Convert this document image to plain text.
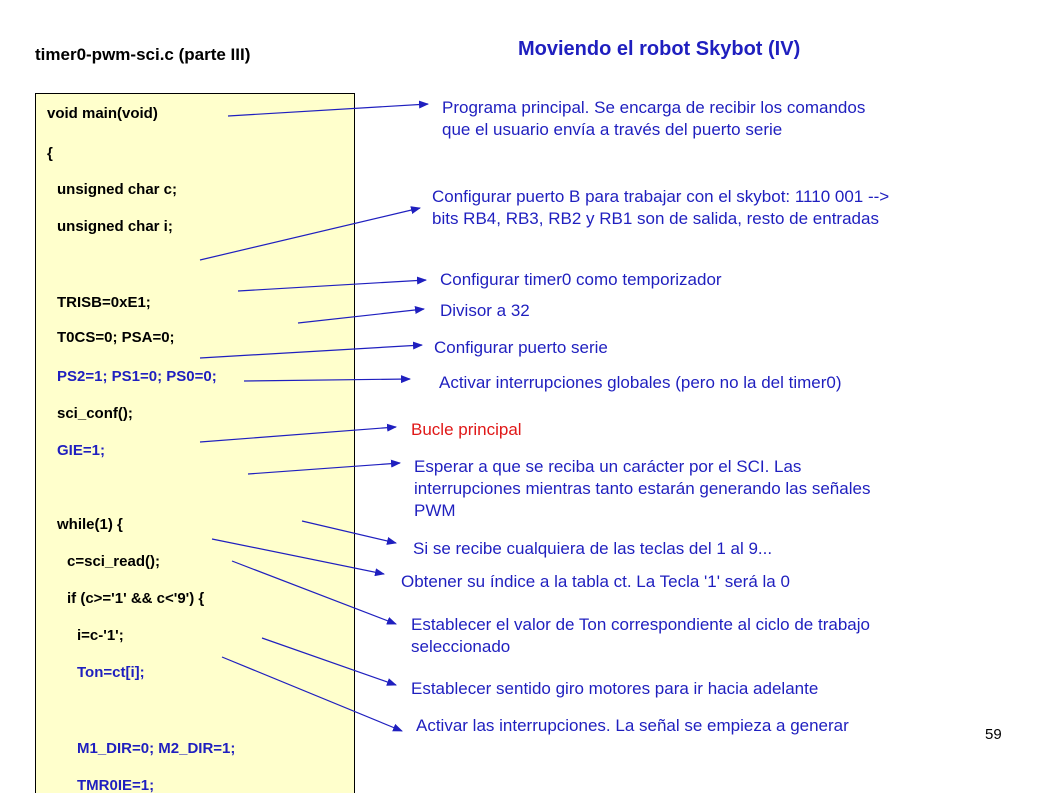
timer0-pwm-sci.c (parte III)	Moviendo el robot Skybot (IV)
void main(void)
{
unsigned char c;
unsigned char i;
TRISB=0xE1;
T0CS=0; PSA=0;
PS2=1; PS1=0; PS0=0;
sci_conf();
GIE=1;
while(1) {
c=sci_read();
if (c>='1' && c<'9') {
i=c-'1';
Ton=ct[i];
M1_DIR=0; M2_DIR=1;
TMR0IE=1;
Programa principal. Se encarga de recibir los comandos
que el usuario envía a través del puerto serie
Configurar puerto B para trabajar con el skybot: 1110 001 -->
bits RB4, RB3, RB2 y RB1 son de salida, resto de entradas
Configurar timer0 como temporizador
Divisor a 32
Configurar puerto serie
Activar interrupciones globales (pero no la del timer0)
Bucle principal
Esperar a que se reciba un carácter por el SCI. Las
interrupciones mientras tanto estarán generando las señales
PWM
Si se recibe cualquiera de las teclas del 1 al 9...
Obtener su índice a la tabla ct. La Tecla '1' será la 0
Establecer el valor de Ton correspondiente al ciclo de trabajo
seleccionado
Establecer sentido giro motores para ir hacia adelante
Activar las interrupciones. La señal se empieza a generar	59
